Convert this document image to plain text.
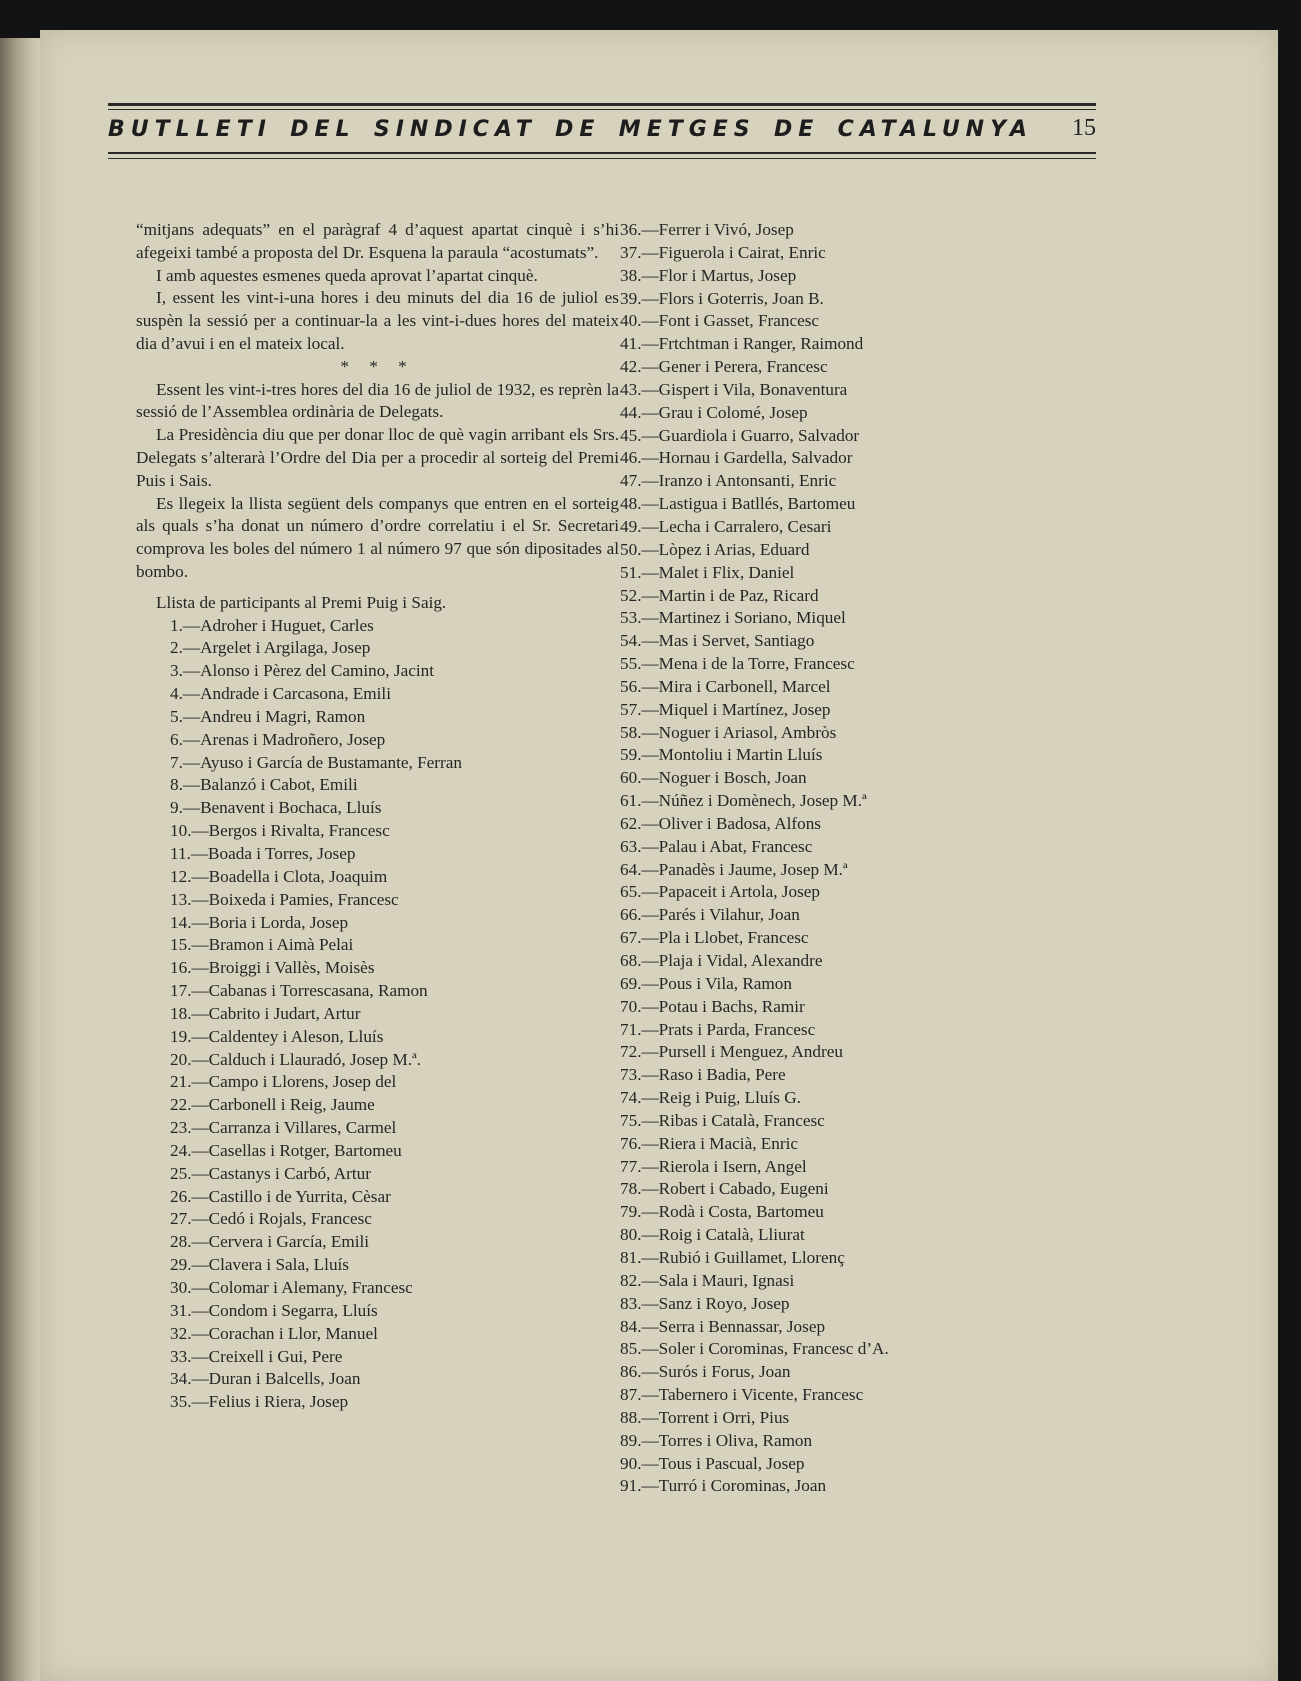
BUTLLETI DEL SINDICAT DE METGES DE CATALUNYA 15

“mitjans adequats” en el paràgraf 4 d’aquest apartat cinquè i s’hi afegeixi també a proposta del Dr. Esquena la paraula “acostumats”.

I amb aquestes esmenes queda aprovat l’apartat cinquè.

I, essent les vint-i-una hores i deu minuts del dia 16 de juliol es suspèn la sessió per a continuar-la a les vint-i-dues hores del mateix dia d’avui i en el mateix local.

* * *

Essent les vint-i-tres hores del dia 16 de juliol de 1932, es reprèn la sessió de l’Assemblea ordinària de Delegats.

La Presidència diu que per donar lloc de què vagin arribant els Srs. Delegats s’alterarà l’Ordre del Dia per a procedir al sorteig del Premi Puis i Sais.

Es llegeix la llista següent dels companys que entren en el sorteig als quals s’ha donat un número d’ordre correlatiu i el Sr. Secretari comprova les boles del número 1 al número 97 que són dipositades al bombo.

Llista de participants al Premi Puig i Saig.
1.—Adroher i Huguet, Carles
2.—Argelet i Argilaga, Josep
3.—Alonso i Pèrez del Camino, Jacint
4.—Andrade i Carcasona, Emili
5.—Andreu i Magri, Ramon
6.—Arenas i Madroñero, Josep
7.—Ayuso i García de Bustamante, Ferran
8.—Balanzó i Cabot, Emili
9.—Benavent i Bochaca, Lluís
10.—Bergos i Rivalta, Francesc
11.—Boada i Torres, Josep
12.—Boadella i Clota, Joaquim
13.—Boixeda i Pamies, Francesc
14.—Boria i Lorda, Josep
15.—Bramon i Aimà Pelai
16.—Broiggi i Vallès, Moisès
17.—Cabanas i Torrescasana, Ramon
18.—Cabrito i Judart, Artur
19.—Caldentey i Aleson, Lluís
20.—Calduch i Llauradó, Josep M.ª.
21.—Campo i Llorens, Josep del
22.—Carbonell i Reig, Jaume
23.—Carranza i Villares, Carmel
24.—Casellas i Rotger, Bartomeu
25.—Castanys i Carbó, Artur
26.—Castillo i de Yurrita, Cèsar
27.—Cedó i Rojals, Francesc
28.—Cervera i García, Emili
29.—Clavera i Sala, Lluís
30.—Colomar i Alemany, Francesc
31.—Condom i Segarra, Lluís
32.—Corachan i Llor, Manuel
33.—Creixell i Gui, Pere
34.—Duran i Balcells, Joan
35.—Felius i Riera, Josep
36.—Ferrer i Vivó, Josep
37.—Figuerola i Cairat, Enric
38.—Flor i Martus, Josep
39.—Flors i Goterris, Joan B.
40.—Font i Gasset, Francesc
41.—Frtchtman i Ranger, Raimond
42.—Gener i Perera, Francesc
43.—Gispert i Vila, Bonaventura
44.—Grau i Colomé, Josep
45.—Guardiola i Guarro, Salvador
46.—Hornau i Gardella, Salvador
47.—Iranzo i Antonsanti, Enric
48.—Lastigua i Batllés, Bartomeu
49.—Lecha i Carralero, Cesari
50.—Lòpez i Arias, Eduard
51.—Malet i Flix, Daniel
52.—Martin i de Paz, Ricard
53.—Martinez i Soriano, Miquel
54.—Mas i Servet, Santiago
55.—Mena i de la Torre, Francesc
56.—Mira i Carbonell, Marcel
57.—Miquel i Martínez, Josep
58.—Noguer i Ariasol, Ambròs
59.—Montoliu i Martin Lluís
60.—Noguer i Bosch, Joan
61.—Núñez i Domènech, Josep M.ª
62.—Oliver i Badosa, Alfons
63.—Palau i Abat, Francesc
64.—Panadès i Jaume, Josep M.ª
65.—Papaceit i Artola, Josep
66.—Parés i Vilahur, Joan
67.—Pla i Llobet, Francesc
68.—Plaja i Vidal, Alexandre
69.—Pous i Vila, Ramon
70.—Potau i Bachs, Ramir
71.—Prats i Parda, Francesc
72.—Pursell i Menguez, Andreu
73.—Raso i Badia, Pere
74.—Reig i Puig, Lluís G.
75.—Ribas i Català, Francesc
76.—Riera i Macià, Enric
77.—Rierola i Isern, Angel
78.—Robert i Cabado, Eugeni
79.—Rodà i Costa, Bartomeu
80.—Roig i Català, Lliurat
81.—Rubió i Guillamet, Llorenç
82.—Sala i Mauri, Ignasi
83.—Sanz i Royo, Josep
84.—Serra i Bennassar, Josep
85.—Soler i Corominas, Francesc d’A.
86.—Surós i Forus, Joan
87.—Tabernero i Vicente, Francesc
88.—Torrent i Orri, Pius
89.—Torres i Oliva, Ramon
90.—Tous i Pascual, Josep
91.—Turró i Corominas, Joan
